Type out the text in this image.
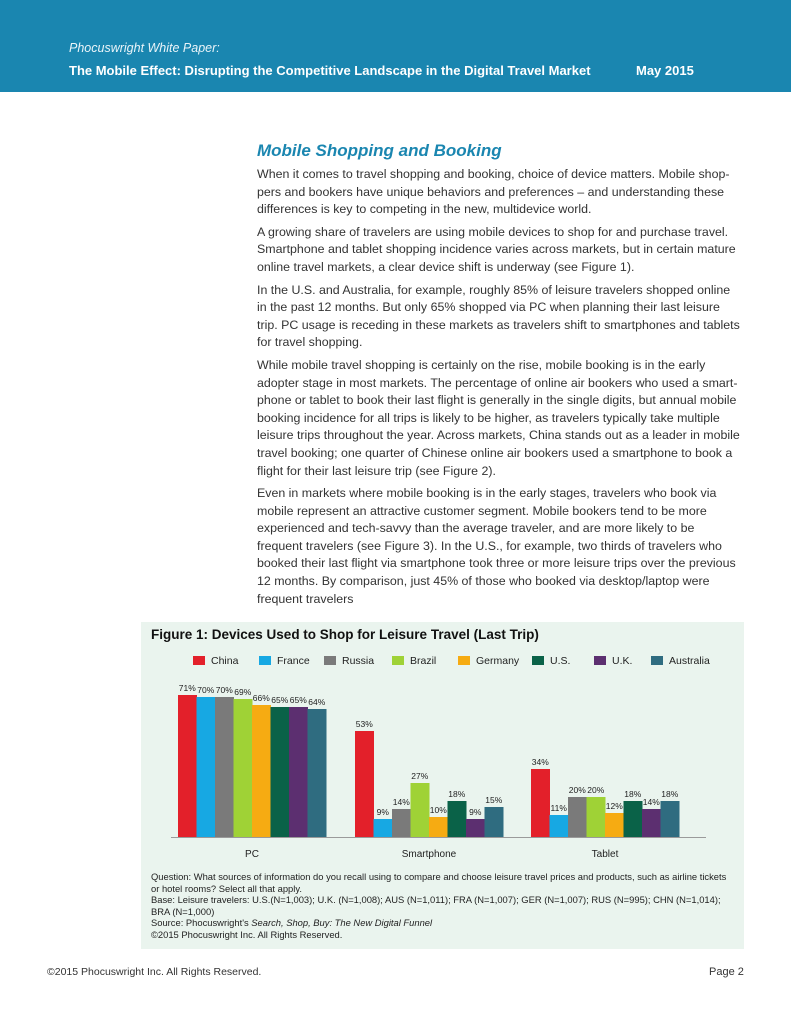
Phocuswright White Paper:
The Mobile Effect: Disrupting the Competitive Landscape in the Digital Travel Market	May 2015
Mobile Shopping and Booking

When it comes to travel shopping and booking, choice of device matters. Mobile shop-pers and bookers have unique behaviors and preferences – and understanding these differences is key to competing in the new, multidevice world.

A growing share of travelers are using mobile devices to shop for and purchase travel. Smartphone and tablet shopping incidence varies across markets, but in certain mature online travel markets, a clear device shift is underway (see Figure 1).

In the U.S. and Australia, for example, roughly 85% of leisure travelers shopped online in the past 12 months. But only 65% shopped via PC when planning their last leisure trip. PC usage is receding in these markets as travelers shift to smartphones and tablets for travel shopping.

While mobile travel shopping is certainly on the rise, mobile booking is in the early adopter stage in most markets. The percentage of online air bookers who used a smart-phone or tablet to book their last flight is generally in the single digits, but annual mobile booking incidence for all trips is likely to be higher, as travelers typically take multiple leisure trips throughout the year. Across markets, China stands out as a leader in mobile travel booking; one quarter of Chinese online air bookers used a smartphone to book a flight for their last leisure trip (see Figure 2).

Even in markets where mobile booking is in the early stages, travelers who book via mobile represent an attractive customer segment. Mobile bookers tend to be more experienced and tech-savvy than the average traveler, and are more likely to be frequent travelers (see Figure 3). In the U.S., for example, two thirds of travelers who booked their last flight via smartphone took three or more leisure trips over the previous 12 months. By comparison, just 45% of those who booked via desktop/laptop were frequent travelers

Figure 1: Devices Used to Shop for Leisure Travel (Last Trip)
China	France	Russia	Brazil	Germany	U.S.	U.K.	Australia
71% 70% 70% 69%
66% 65% 65% 64%
PC
53%
9%
14%
27%
10%
18%
9%
15%
Smartphone
34%
11%
20% 20%
12%
18%
14%
18%
Tablet
Question: What sources of information do you recall using to compare and choose leisure travel prices and products, such as airline tickets or hotel rooms? Select all that apply.
Base: Leisure travelers: U.S.(N=1,003); U.K. (N=1,008); AUS (N=1,011); FRA (N=1,007); GER (N=1,007); RUS (N=995); CHN (N=1,014); BRA (N=1,000)
Source: Phocuswright's Search, Shop, Buy: The New Digital Funnel
©2015 Phocuswright Inc. All Rights Reserved.
©2015 Phocuswright Inc. All Rights Reserved.	Page 2
